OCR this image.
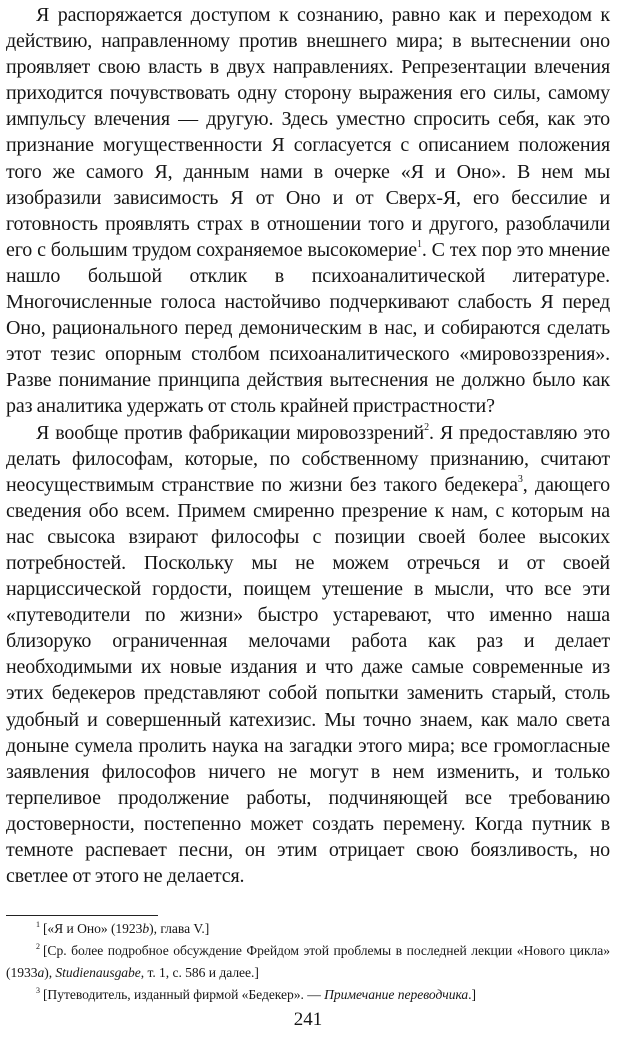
Я распоряжается доступом к сознанию, равно как и переходом к действию, направленному против внешнего мира; в вытеснении оно проявляет свою власть в двух направлениях. Репрезентации влечения приходится почувствовать одну сторону выражения его силы, самому импульсу влечения — другую. Здесь уместно спросить себя, как это признание могущественности Я согласуется с описанием положения того же самого Я, данным нами в очерке «Я и Оно». В нем мы изобразили зависимость Я от Оно и от Сверх-Я, его бессилие и готовность проявлять страх в отношении того и другого, разоблачили его с большим трудом сохраняемое высокомерие$^1$. С тех пор это мнение нашло большой отклик в психоаналитической литературе. Многочисленные голоса настойчиво подчеркивают слабость Я перед Оно, рационального перед демоническим в нас, и собираются сделать этот тезис опорным столбом психоаналитического «мировоззрения». Разве понимание принципа действия вытеснения не должно было как раз аналитика удержать от столь крайней пристрастности?

Я вообще против фабрикации мировоззрений$^2$. Я предоставляю это делать философам, которые, по собственному признанию, считают неосуществимым странствие по жизни без такого бедекера$^3$, дающего сведения обо всем. Примем смиренно презрение к нам, с которым на нас свысока взирают философы с позиции своей более высоких потребностей. Поскольку мы не можем отречься и от своей нарциссической гордости, поищем утешение в мысли, что все эти «путеводители по жизни» быстро устаревают, что именно наша близоруко ограниченная мелочами работа как раз и делает необходимыми их новые издания и что даже самые современные из этих бедекеров представляют собой попытки заменить старый, столь удобный и совершенный катехизис. Мы точно знаем, как мало света доныне сумела пролить наука на загадки этого мира; все громогласные заявления философов ничего не могут в нем изменить, и только терпеливое продолжение работы, подчиняющей все требованию достоверности, постепенно может создать перемену. Когда путник в темноте распевает песни, он этим отрицает свою боязливость, но светлее от этого не делается.

$^1$ [«Я и Оно» (1923b), глава V.]

$^2$ [Ср. более подробное обсуждение Фрейдом этой проблемы в последней лекции «Нового цикла» (1933a), Studienausgabe, т. 1, с. 586 и далее.]

$^3$ [Путеводитель, изданный фирмой «Бедекер». — Примечание переводчика.]

241
